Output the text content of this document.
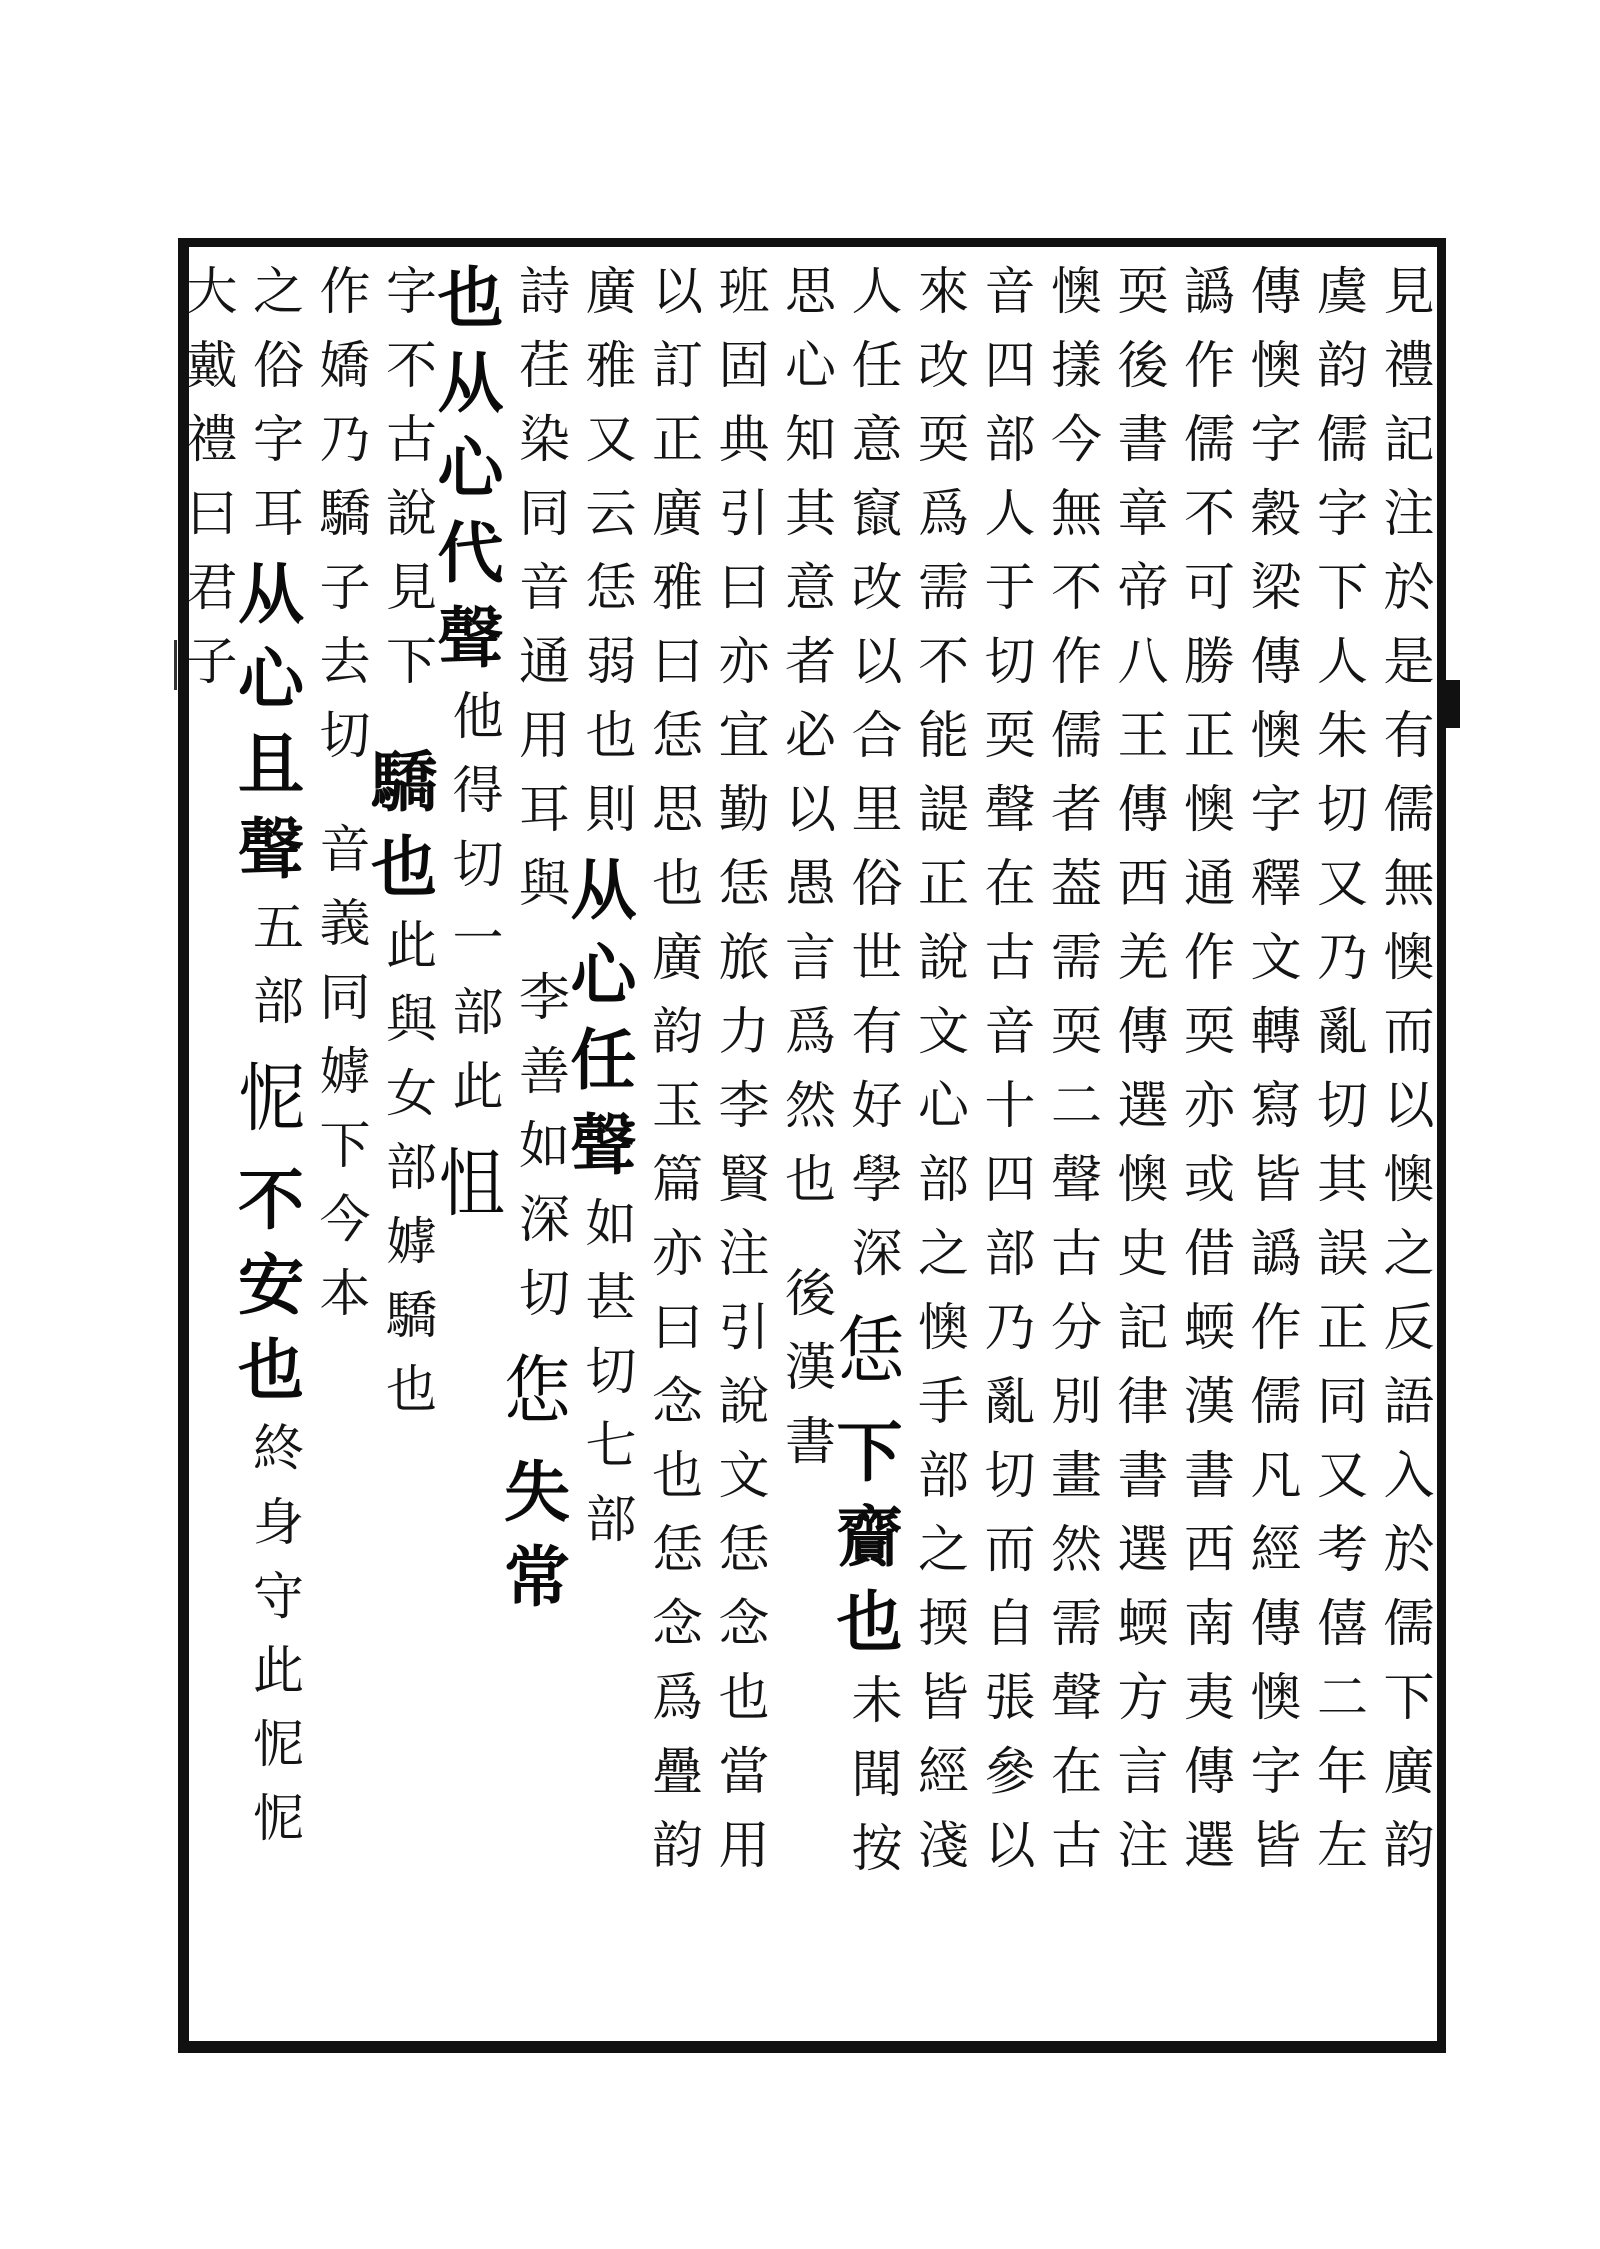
見
禮
記
注
於
是
有
儒
無
懊
而
以
懊
之
反
語
入
於
儒
下
廣
韵
虞
韵
儒
字
下
人
朱
切
又
乃
亂
切
其
誤
正
同
又
考
僖
二
年
左
傳
懊
字
穀
梁
傳
懊
字
釋
文
轉
寫
皆
譌
作
儒
凡
經
傳
懊
字
皆
譌
作
儒
不
可
勝
正
懊
通
作
耎
亦
或
借
蝡
漢
書
西
南
夷
傳
選
耎
後
書
章
帝
八
王
傳
西
羌
傳
選
懊
史
記
律
書
選
蝡
方
言
注
懊
㨾
今
無
不
作
儒
者
葢
需
耎
二
聲
古
分
別
畫
然
需
聲
在
古
音
四
部
人
于
切
耎
聲
在
古
音
十
四
部
乃
亂
切
而
自
張
參
以
來
改
耎
爲
需
不
能
諟
正
說
文
心
部
之
懊
手
部
之
㨎
皆
經
淺
人
任
意
竄
改
以
合
里
俗
世
有
好
學
深
恁
下
齎
也
未
聞
按
思
心
知
其
意
者
必
以
愚
言
爲
然
也
後
漢
書
班
固
典
引
曰
亦
宜
勤
恁
旅
力
李
賢
注
引
說
文
恁
念
也
當
用
以
訂
正
廣
雅
曰
恁
思
也
廣
韵
玉
篇
亦
曰
念
也
恁
念
爲
疊
韵
廣
雅
又
云
恁
弱
也
則
从
心
任
聲
如
甚
切
七
部
詩
荏
染
同
音
通
用
耳
與
李
善
如
深
切
㤰
失
常
也
从
心
代
聲
他
得
切
一
部
此
怚
字
不
古
說
見
下
驕
也
此
與
女
部
嫭
驕
也
作
嬌
乃
驕
子
去
切
音
義
同
嫭
下
今
本
之
俗
字
耳
从
心
且
聲
五
部
怩
不
安
也
終
身
守
此
怩
怩
大
戴
禮
曰
君
子
